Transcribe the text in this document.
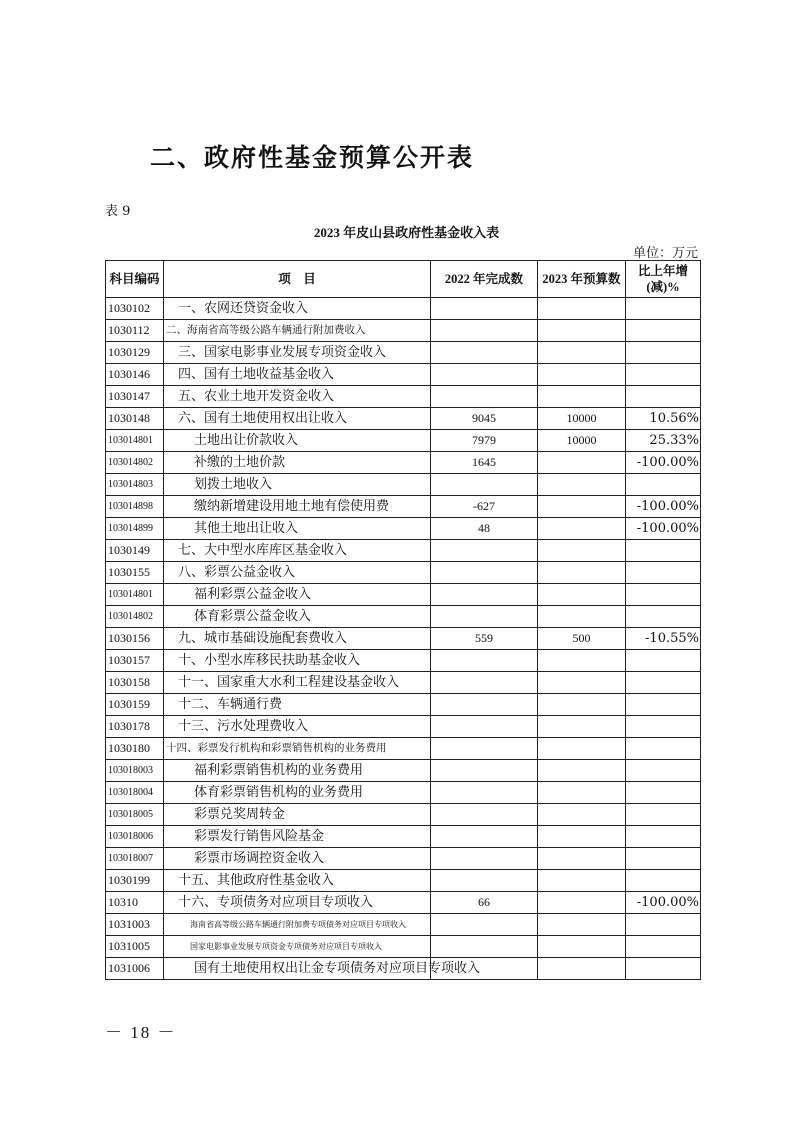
二、政府性基金预算公开表
表 9
2023 年皮山县政府性基金收入表
单位：万元
科目编码	项　目	2022 年完成数	2023 年预算数	比上年增
(减)%

1030102	一、农网还贷资金收入			
1030112	二、海南省高等级公路车辆通行附加费收入			
1030129	三、国家电影事业发展专项资金收入			
1030146	四、国有土地收益基金收入			
1030147	五、农业土地开发资金收入			
1030148	六、国有土地使用权出让收入	9045	10000	10.56%
103014801	土地出让价款收入	7979	10000	25.33%
103014802	补缴的土地价款	1645		-100.00%
103014803	划拨土地收入			
103014898	缴纳新增建设用地土地有偿使用费	-627		-100.00%
103014899	其他土地出让收入	48		-100.00%
1030149	七、大中型水库库区基金收入			
1030155	八、彩票公益金收入			
103014801	福利彩票公益金收入			
103014802	体育彩票公益金收入			
1030156	九、城市基础设施配套费收入	559	500	-10.55%
1030157	十、小型水库移民扶助基金收入			
1030158	十一、国家重大水利工程建设基金收入			
1030159	十二、车辆通行费			
1030178	十三、污水处理费收入			
1030180	十四、彩票发行机构和彩票销售机构的业务费用			
103018003	福利彩票销售机构的业务费用			
103018004	体育彩票销售机构的业务费用			
103018005	彩票兑奖周转金			
103018006	彩票发行销售风险基金			
103018007	彩票市场调控资金收入			
1030199	十五、其他政府性基金收入			
10310	十六、专项债务对应项目专项收入	66		-100.00%
1031003	海南省高等级公路车辆通行附加费专项债务对应项目专项收入			
1031005	国家电影事业发展专项资金专项债务对应项目专项收入			
1031006	国有土地使用权出让金专项债务对应项目专项收入			
－ 18 －
